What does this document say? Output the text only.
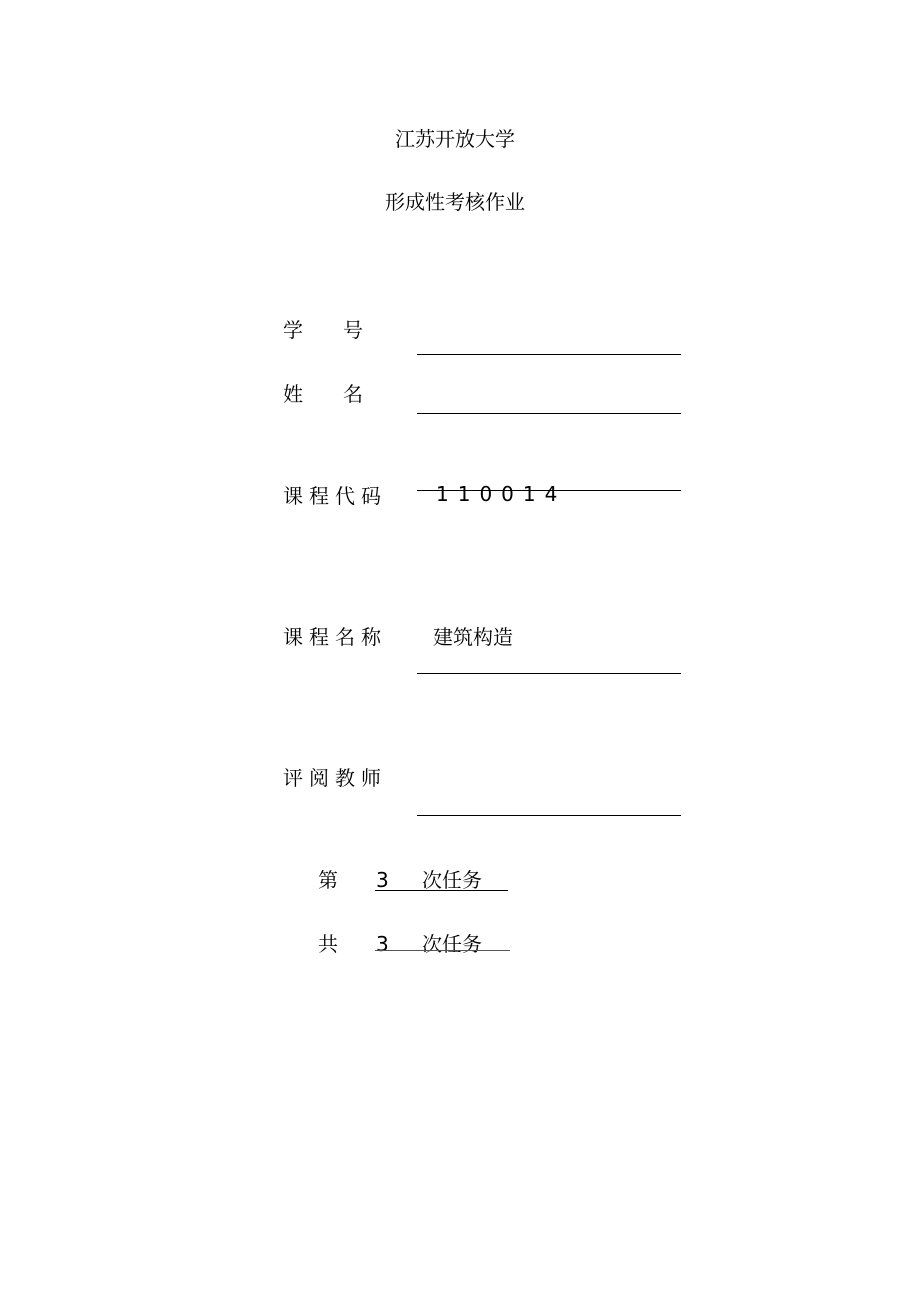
江苏开放大学
形成性考核作业
学　　号
姓　　名
课程代码 110014
课程名称 建筑构造
评阅教师
第 3 次任务
共 3 次任务
